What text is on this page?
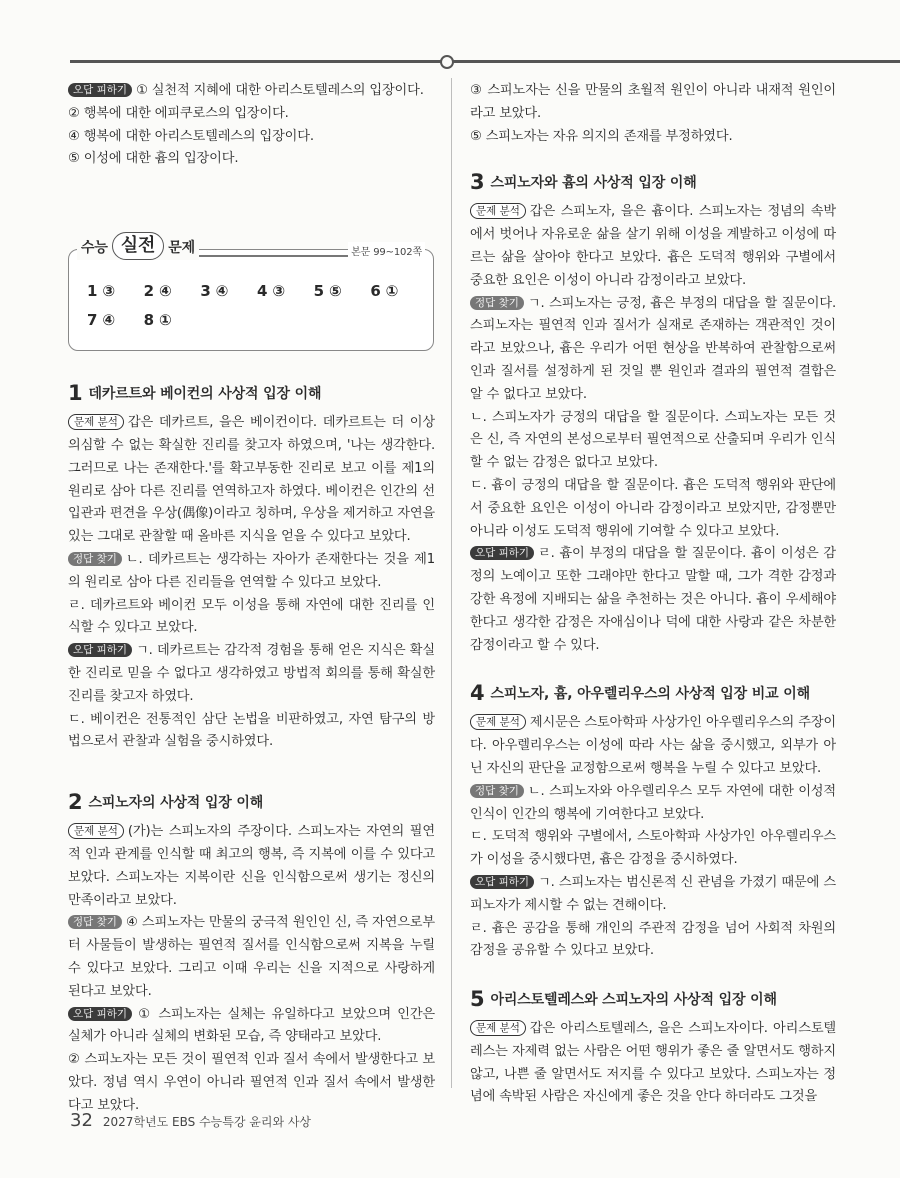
오답 피하기 ① 실천적 지혜에 대한 아리스토텔레스의 입장이다.

② 행복에 대한 에피쿠로스의 입장이다.

④ 행복에 대한 아리스토텔레스의 입장이다.

⑤ 이성에 대한 흄의 입장이다.

수능 실전 문제	본문 99~102쪽
1 ③	2 ④	3 ④	4 ③	5 ⑤	6 ①
7 ④	8 ①
1 데카르트와 베이컨의 사상적 입장 이해

문제 분석 갑은 데카르트, 을은 베이컨이다. 데카르트는 더 이상 의심할 수 없는 확실한 진리를 찾고자 하였으며, '나는 생각한다. 그러므로 나는 존재한다.'를 확고부동한 진리로 보고 이를 제1의 원리로 삼아 다른 진리를 연역하고자 하였다. 베이컨은 인간의 선입관과 편견을 우상(偶像)이라고 칭하며, 우상을 제거하고 자연을 있는 그대로 관찰할 때 올바른 지식을 얻을 수 있다고 보았다.

정답 찾기 ㄴ. 데카르트는 생각하는 자아가 존재한다는 것을 제1의 원리로 삼아 다른 진리들을 연역할 수 있다고 보았다.

ㄹ. 데카르트와 베이컨 모두 이성을 통해 자연에 대한 진리를 인식할 수 있다고 보았다.

오답 피하기 ㄱ. 데카르트는 감각적 경험을 통해 얻은 지식은 확실한 진리로 믿을 수 없다고 생각하였고 방법적 회의를 통해 확실한 진리를 찾고자 하였다.

ㄷ. 베이컨은 전통적인 삼단 논법을 비판하였고, 자연 탐구의 방법으로서 관찰과 실험을 중시하였다.

2 스피노자의 사상적 입장 이해

문제 분석 (가)는 스피노자의 주장이다. 스피노자는 자연의 필연적 인과 관계를 인식할 때 최고의 행복, 즉 지복에 이를 수 있다고 보았다. 스피노자는 지복이란 신을 인식함으로써 생기는 정신의 만족이라고 보았다.

정답 찾기 ④ 스피노자는 만물의 궁극적 원인인 신, 즉 자연으로부터 사물들이 발생하는 필연적 질서를 인식함으로써 지복을 누릴 수 있다고 보았다. 그리고 이때 우리는 신을 지적으로 사랑하게 된다고 보았다.

오답 피하기 ① 스피노자는 실체는 유일하다고 보았으며 인간은 실체가 아니라 실체의 변화된 모습, 즉 양태라고 보았다.

② 스피노자는 모든 것이 필연적 인과 질서 속에서 발생한다고 보았다. 정념 역시 우연이 아니라 필연적 인과 질서 속에서 발생한다고 보았다.

③ 스피노자는 신을 만물의 초월적 원인이 아니라 내재적 원인이라고 보았다.

⑤ 스피노자는 자유 의지의 존재를 부정하였다.

3 스피노자와 흄의 사상적 입장 이해

문제 분석 갑은 스피노자, 을은 흄이다. 스피노자는 정념의 속박에서 벗어나 자유로운 삶을 살기 위해 이성을 계발하고 이성에 따르는 삶을 살아야 한다고 보았다. 흄은 도덕적 행위와 구별에서 중요한 요인은 이성이 아니라 감정이라고 보았다.

정답 찾기 ㄱ. 스피노자는 긍정, 흄은 부정의 대답을 할 질문이다. 스피노자는 필연적 인과 질서가 실재로 존재하는 객관적인 것이라고 보았으나, 흄은 우리가 어떤 현상을 반복하여 관찰함으로써 인과 질서를 설정하게 된 것일 뿐 원인과 결과의 필연적 결합은 알 수 없다고 보았다.

ㄴ. 스피노자가 긍정의 대답을 할 질문이다. 스피노자는 모든 것은 신, 즉 자연의 본성으로부터 필연적으로 산출되며 우리가 인식할 수 없는 감정은 없다고 보았다.

ㄷ. 흄이 긍정의 대답을 할 질문이다. 흄은 도덕적 행위와 판단에서 중요한 요인은 이성이 아니라 감정이라고 보았지만, 감정뿐만 아니라 이성도 도덕적 행위에 기여할 수 있다고 보았다.

오답 피하기 ㄹ. 흄이 부정의 대답을 할 질문이다. 흄이 이성은 감정의 노예이고 또한 그래야만 한다고 말할 때, 그가 격한 감정과 강한 욕정에 지배되는 삶을 추천하는 것은 아니다. 흄이 우세해야 한다고 생각한 감정은 자애심이나 덕에 대한 사랑과 같은 차분한 감정이라고 할 수 있다.

4 스피노자, 흄, 아우렐리우스의 사상적 입장 비교 이해

문제 분석 제시문은 스토아학파 사상가인 아우렐리우스의 주장이다. 아우렐리우스는 이성에 따라 사는 삶을 중시했고, 외부가 아닌 자신의 판단을 교정함으로써 행복을 누릴 수 있다고 보았다.

정답 찾기 ㄴ. 스피노자와 아우렐리우스 모두 자연에 대한 이성적 인식이 인간의 행복에 기여한다고 보았다.

ㄷ. 도덕적 행위와 구별에서, 스토아학파 사상가인 아우렐리우스가 이성을 중시했다면, 흄은 감정을 중시하였다.

오답 피하기 ㄱ. 스피노자는 범신론적 신 관념을 가졌기 때문에 스피노자가 제시할 수 없는 견해이다.

ㄹ. 흄은 공감을 통해 개인의 주관적 감정을 넘어 사회적 차원의 감정을 공유할 수 있다고 보았다.

5 아리스토텔레스와 스피노자의 사상적 입장 이해

문제 분석 갑은 아리스토텔레스, 을은 스피노자이다. 아리스토텔레스는 자제력 없는 사람은 어떤 행위가 좋은 줄 알면서도 행하지 않고, 나쁜 줄 알면서도 저지를 수 있다고 보았다. 스피노자는 정념에 속박된 사람은 자신에게 좋은 것을 안다 하더라도 그것을

32 2027학년도 EBS 수능특강 윤리와 사상
